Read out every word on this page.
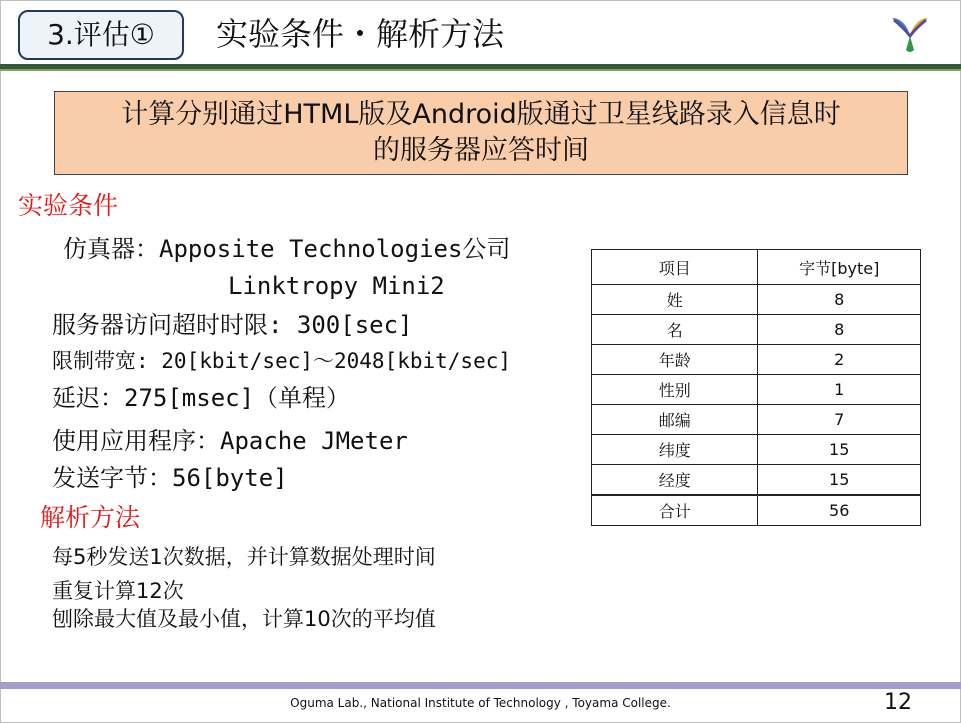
3.评估①	实验条件・解析方法
计算分别通过HTML版及Android版通过卫星线路录入信息时
的服务器应答时间
实验条件
仿真器：Apposite Technologies公司
Linktropy Mini2
服务器访问超时时限: 300[sec]
限制带宽: 20[kbit/sec]～2048[kbit/sec]
延迟：275[msec]（单程）
使用应用程序：Apache JMeter
发送字节：56[byte]
解析方法
每5秒发送1次数据，并计算数据处理时间
重复计算12次
刨除最大值及最小值，计算10次的平均值
项目	字节[byte]
姓	8
名	8
年龄	2
性别	1
邮编	7
纬度	15
经度	15
合计	56
Oguma Lab., National Institute of Technology , Toyama College.	12
